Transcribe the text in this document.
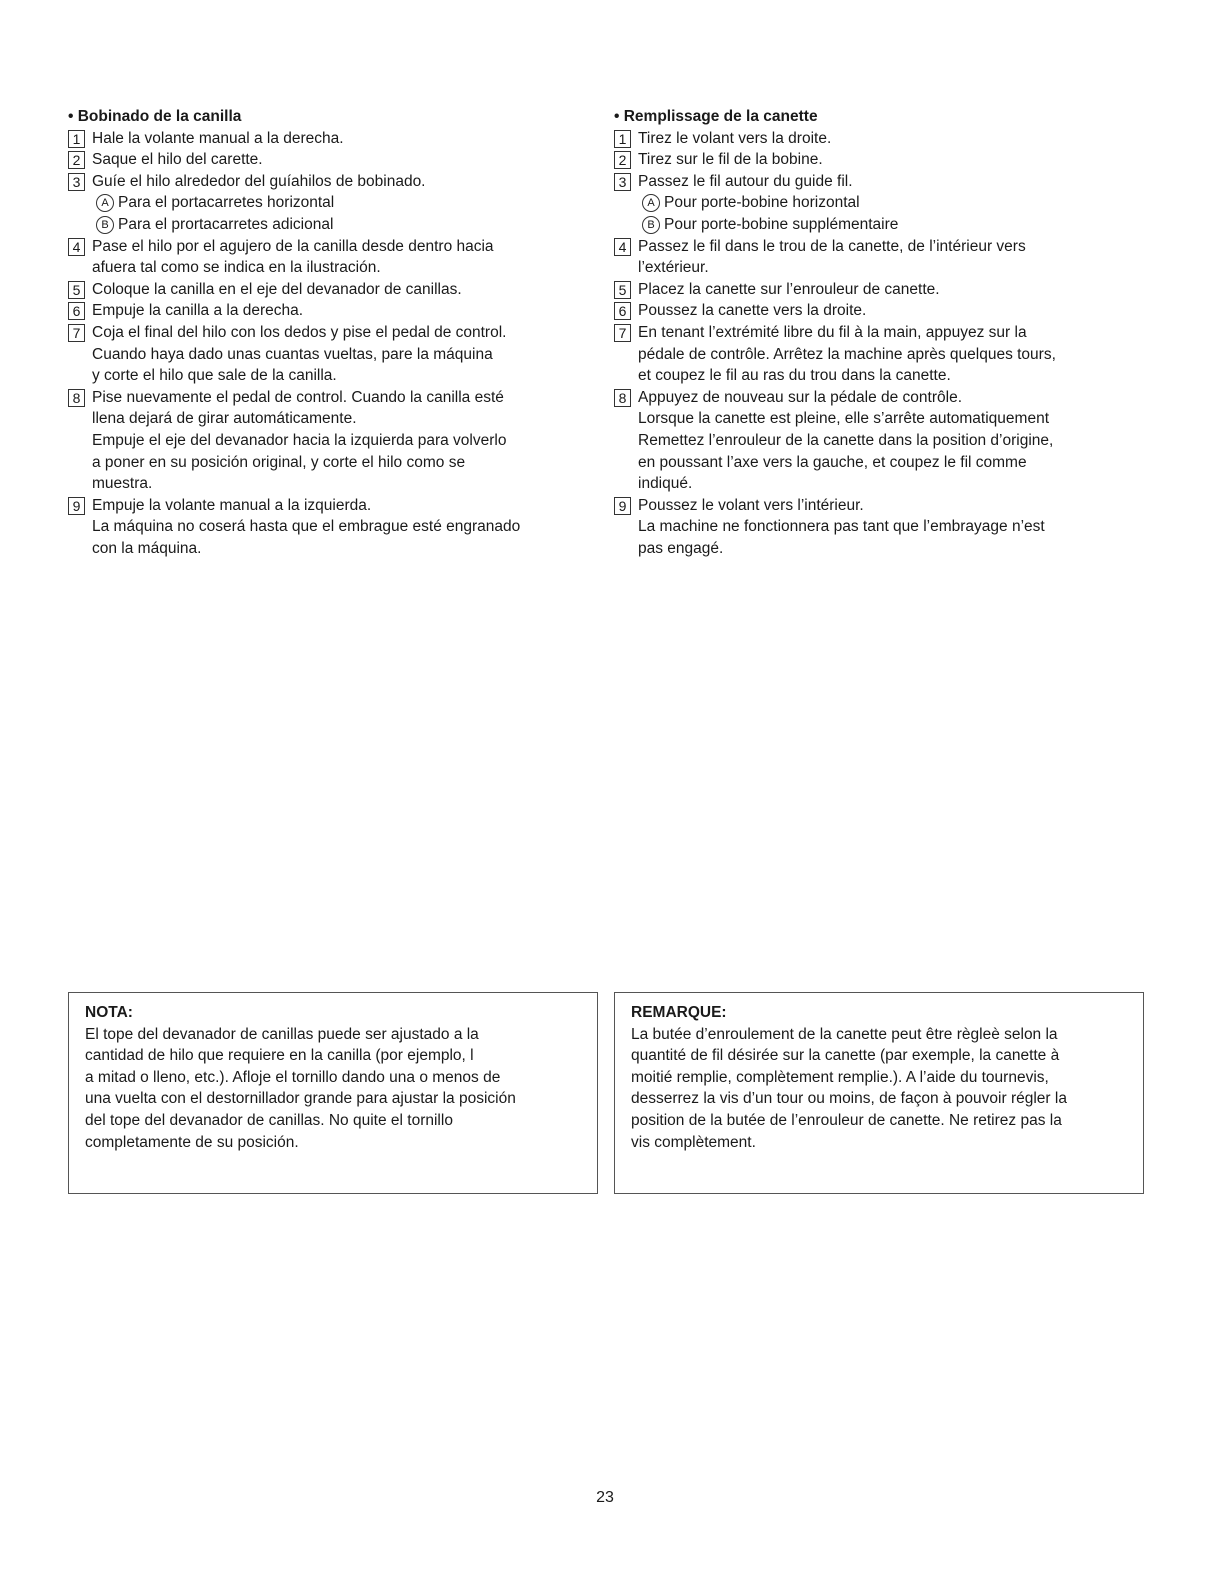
• Bobinado de la canilla
1 Hale la volante manual a la derecha.
2 Saque el hilo del carette.
3 Guíe el hilo alrededor del guíahilos de bobinado.
A Para el portacarretes horizontal
B Para el prortacarretes adicional
4 Pase el hilo por el agujero de la canilla desde dentro hacia
afuera tal como se indica en la ilustración.
5 Coloque la canilla en el eje del devanador de canillas.
6 Empuje la canilla a la derecha.
7 Coja el final del hilo con los dedos y pise el pedal de control.
Cuando haya dado unas cuantas vueltas, pare la máquina
y corte el hilo que sale de la canilla.
8 Pise nuevamente el pedal de control. Cuando la canilla esté
llena dejará de girar automáticamente.
Empuje el eje del devanador hacia la izquierda para volverlo
a poner en su posición original, y corte el hilo como se
muestra.
9 Empuje la volante manual a la izquierda.
La máquina no coserá hasta que el embrague esté engranado
con la máquina.
• Remplissage de la canette
1 Tirez le volant vers la droite.
2 Tirez sur le fil de la bobine.
3 Passez le fil autour du guide fil.
A Pour porte-bobine horizontal
B Pour porte-bobine supplémentaire
4 Passez le fil dans le trou de la canette, de l’intérieur vers
l’extérieur.
5 Placez la canette sur l’enrouleur de canette.
6 Poussez la canette vers la droite.
7 En tenant l’extrémité libre du fil à la main, appuyez sur la
pédale de contrôle. Arrêtez la machine après quelques tours,
et coupez le fil au ras du trou dans la canette.
8 Appuyez de nouveau sur la pédale de contrôle.
Lorsque la canette est pleine, elle s’arrête automatiquement
Remettez l’enrouleur de la canette dans la position d’origine,
en poussant l’axe vers la gauche, et coupez le fil comme
indiqué.
9 Poussez le volant vers l’intérieur.
La machine ne fonctionnera pas tant que l’embrayage n’est
pas engagé.
NOTA:
El tope del devanador de canillas puede ser ajustado a la
cantidad de hilo que requiere en la canilla (por ejemplo, l
a mitad o lleno, etc.). Afloje el tornillo dando una o menos de
una vuelta con el destornillador grande para ajustar la posición
del tope del devanador de canillas. No quite el tornillo
completamente de su posición.
REMARQUE:
La butée d’enroulement de la canette peut être règleè selon la
quantité de fil désirée sur la canette (par exemple, la canette à
moitié remplie, complètement remplie.). A l’aide du tournevis,
desserrez la vis d’un tour ou moins, de façon à pouvoir régler la
position de la butée de l’enrouleur de canette. Ne retirez pas la
vis complètement.
23
